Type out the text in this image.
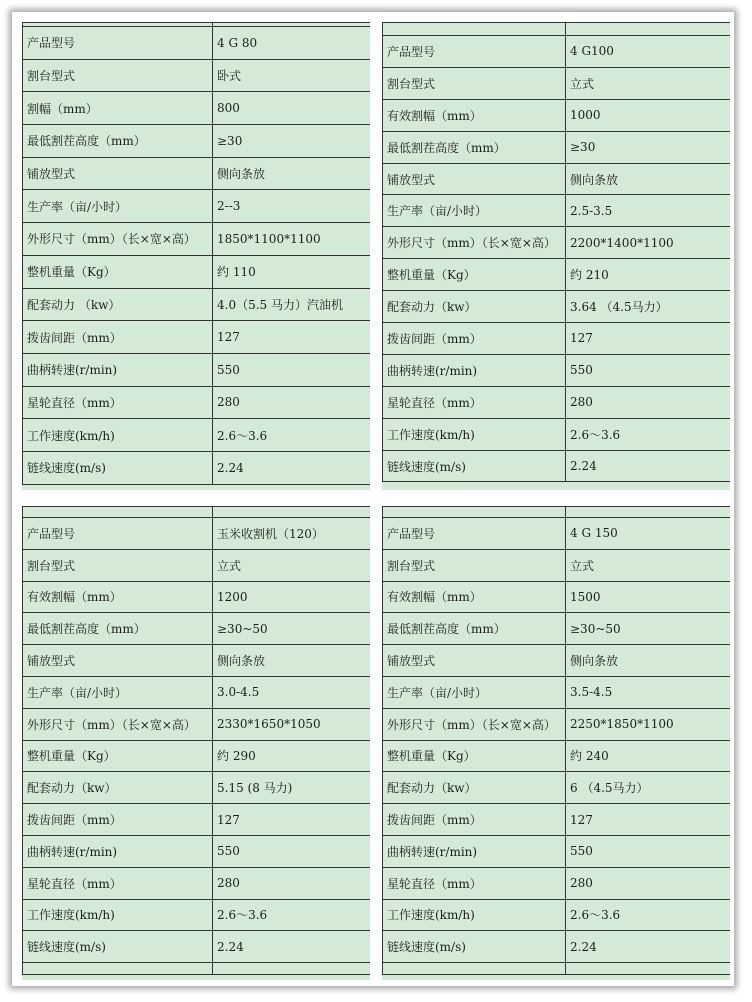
产品型号	4 G 80
割台型式	卧式
割幅（mm）	800
最低割茬高度（mm）	≥30
铺放型式	侧向条放
生产率（亩/小时）	2--3
外形尺寸（mm）（长×宽×高）	1850*1100*1100
整机重量（Kg）	约 110
配套动力 （kw）	4.0（5.5 马力）汽油机
拨齿间距（mm）	127
曲柄转速(r/min)	550
星轮直径（mm）	280
工作速度(km/h)	2.6～3.6
链线速度(m/s)	2.24

产品型号	4 G100
割台型式	立式
有效割幅（mm）	1000
最低割茬高度（mm）	≥30
铺放型式	侧向条放
生产率（亩/小时）	2.5-3.5
外形尺寸（mm）（长×宽×高）	2200*1400*1100
整机重量（Kg）	约 210
配套动力（kw）	3.64 （4.5马力）
拨齿间距（mm）	127
曲柄转速(r/min)	550
星轮直径（mm）	280
工作速度(km/h)	2.6～3.6
链线速度(m/s)	2.24

产品型号	玉米收割机（120）
割台型式	立式
有效割幅（mm）	1200
最低割茬高度（mm）	≥30~50
铺放型式	侧向条放
生产率（亩/小时）	3.0-4.5
外形尺寸（mm）（长×宽×高）	2330*1650*1050
整机重量（Kg）	约 290
配套动力（kw）	5.15 (8 马力)
拨齿间距（mm）	127
曲柄转速(r/min)	550
星轮直径（mm）	280
工作速度(km/h)	2.6～3.6
链线速度(m/s)	2.24

产品型号	4 G 150
割台型式	立式
有效割幅（mm）	1500
最低割茬高度（mm）	≥30~50
铺放型式	侧向条放
生产率（亩/小时）	3.5-4.5
外形尺寸（mm）（长×宽×高）	2250*1850*1100
整机重量（Kg）	约 240
配套动力（kw）	6 （4.5马力）
拨齿间距（mm）	127
曲柄转速(r/min)	550
星轮直径（mm）	280
工作速度(km/h)	2.6～3.6
链线速度(m/s)	2.24
